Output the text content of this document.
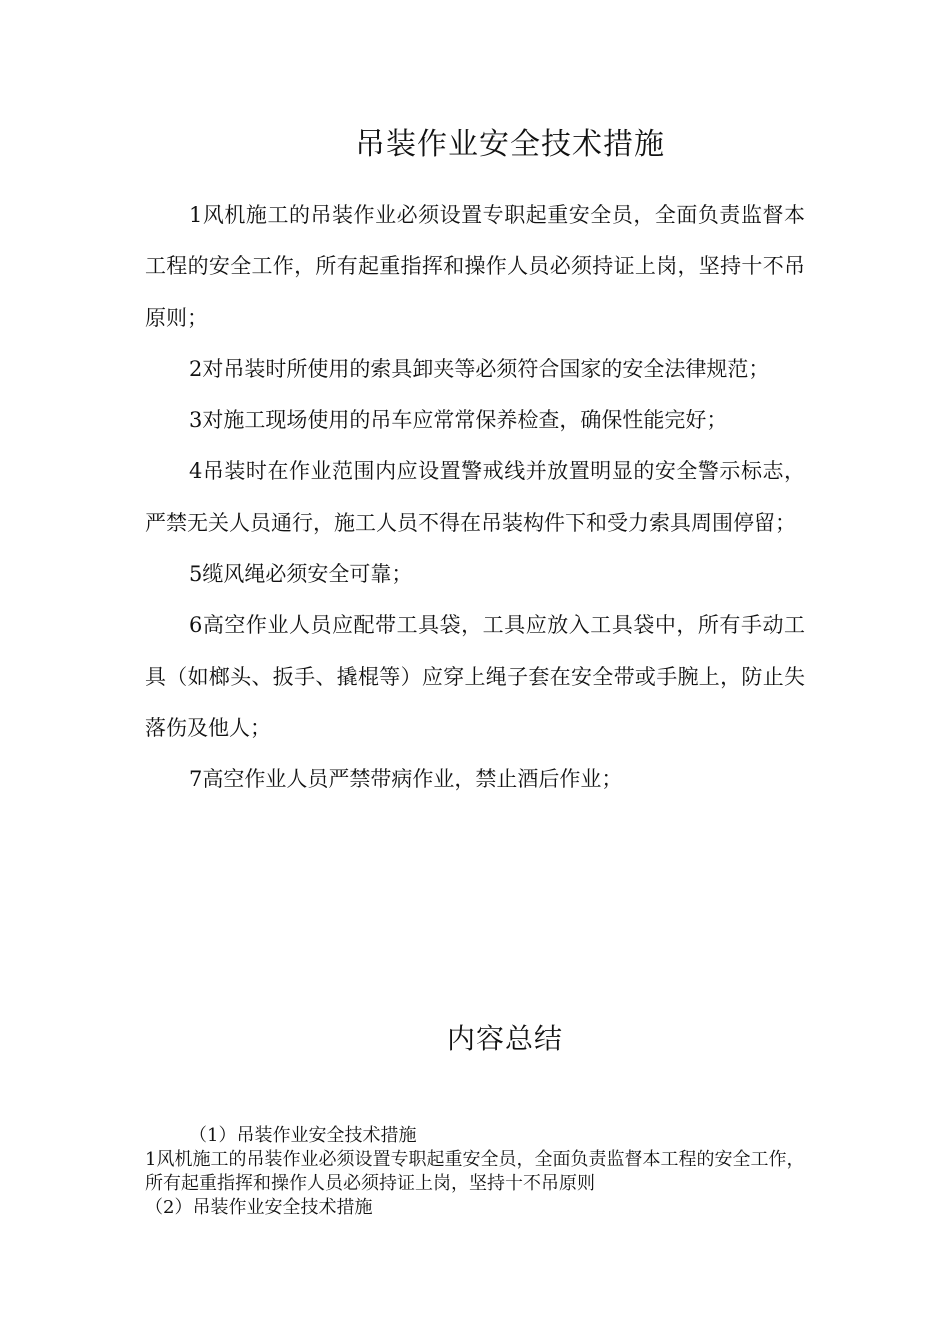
吊装作业安全技术措施

1风机施工的吊装作业必须设置专职起重安全员，全面负责监督本工程的安全工作，所有起重指挥和操作人员必须持证上岗，坚持十不吊原则；

2对吊装时所使用的索具卸夹等必须符合国家的安全法律规范；

3对施工现场使用的吊车应常常保养检查，确保性能完好；

4吊装时在作业范围内应设置警戒线并放置明显的安全警示标志，严禁无关人员通行，施工人员不得在吊装构件下和受力索具周围停留；

5缆风绳必须安全可靠；

6高空作业人员应配带工具袋，工具应放入工具袋中，所有手动工具（如榔头、扳手、撬棍等）应穿上绳子套在安全带或手腕上，防止失落伤及他人；

7高空作业人员严禁带病作业，禁止酒后作业；

内容总结

（1）吊装作业安全技术措施

1风机施工的吊装作业必须设置专职起重安全员，全面负责监督本工程的安全工作，所有起重指挥和操作人员必须持证上岗，坚持十不吊原则

（2）吊装作业安全技术措施
